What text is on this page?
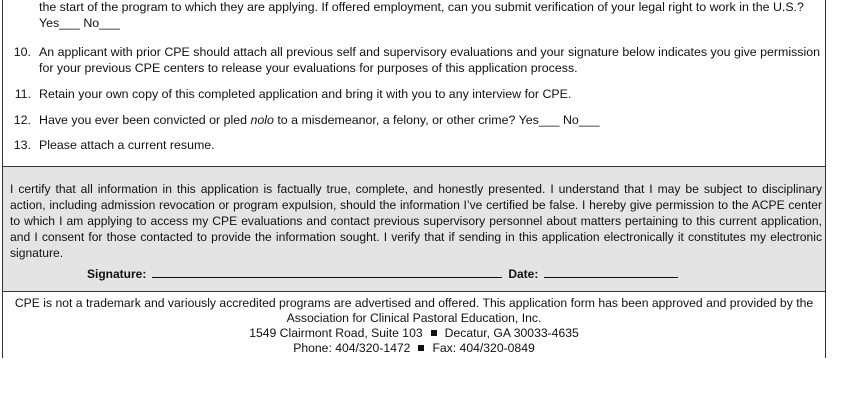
the start of the program to which they are applying. If offered employment, can you submit verification of your legal right to work in the U.S.?
Yes___ No___
10. An applicant with prior CPE should attach all previous self and supervisory evaluations and your signature below indicates you give permission
for your previous CPE centers to release your evaluations for purposes of this application process.
11. Retain your own copy of this completed application and bring it with you to any interview for CPE.
12. Have you ever been convicted or pled nolo to a misdemeanor, a felony, or other crime? Yes___ No___
13. Please attach a current resume.
I certify that all information in this application is factually true, complete, and honestly presented. I understand that I may be subject to disciplinary action, including admission revocation or program expulsion, should the information I’ve certified be false. I hereby give permission to the ACPE center to which I am applying to access my CPE evaluations and contact previous supervisory personnel about matters pertaining to this current application, and I consent for those contacted to provide the information sought. I verify that if sending in this application electronically it constitutes my electronic signature.
Signature:	Date:
CPE is not a trademark and variously accredited programs are advertised and offered. This application form has been approved and provided by the
Association for Clinical Pastoral Education, Inc.
1549 Clairmont Road, Suite 103 Decatur, GA 30033-4635
Phone: 404/320-1472 Fax: 404/320-0849
